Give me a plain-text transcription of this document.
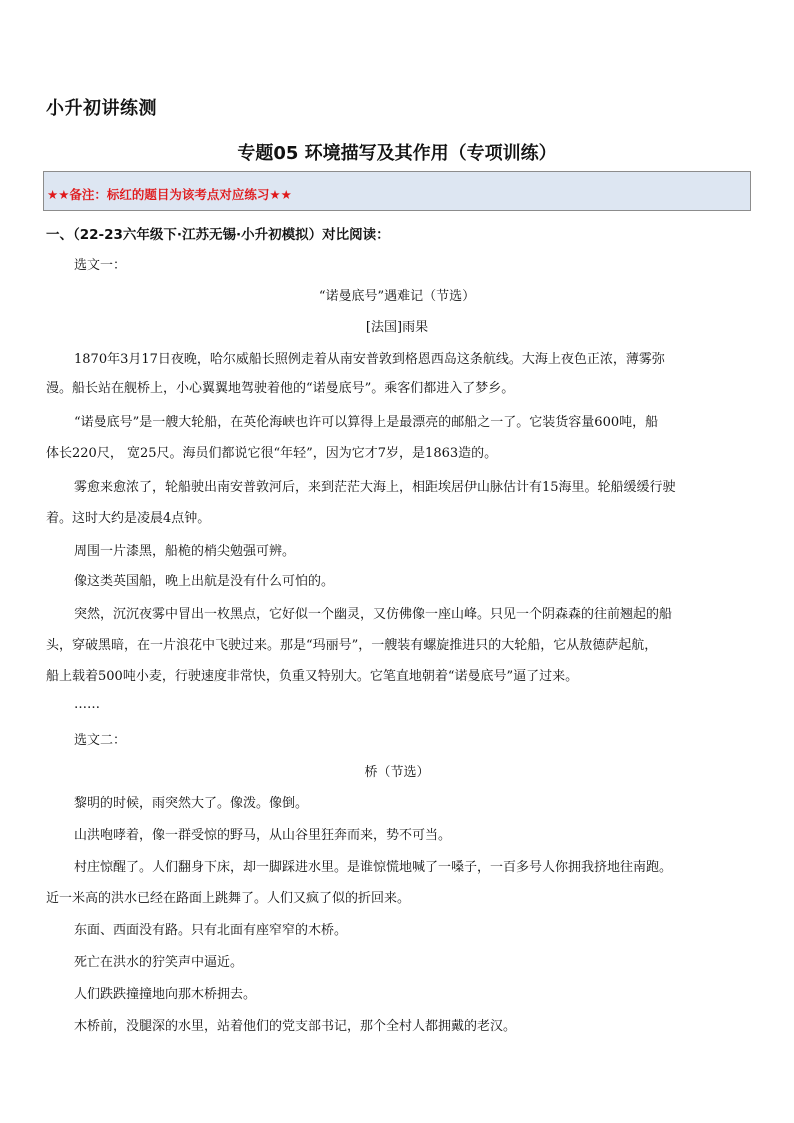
小升初讲练测
专题05 环境描写及其作用（专项训练）
★★备注：标红的题目为该考点对应练习★★
一、（22-23六年级下·江苏无锡·小升初模拟）对比阅读：
选文一：
“诺曼底号”遇难记（节选）
[法国]雨果
1870年3月17日夜晚，哈尔威船长照例走着从南安普敦到格恩西岛这条航线。大海上夜色正浓，薄雾弥
漫。船长站在舰桥上，小心翼翼地驾驶着他的“诺曼底号”。乘客们都进入了梦乡。
“诺曼底号”是一艘大轮船，在英伦海峡也许可以算得上是最漂亮的邮船之一了。它装货容量600吨，船
体长220尺， 宽25尺。海员们都说它很“年轻”，因为它才7岁，是1863造的。
雾愈来愈浓了，轮船驶出南安普敦河后，来到茫茫大海上，相距埃居伊山脉估计有15海里。轮船缓缓行驶
着。这时大约是凌晨4点钟。
周围一片漆黑，船桅的梢尖勉强可辨。
像这类英国船，晚上出航是没有什么可怕的。
突然，沉沉夜雾中冒出一枚黑点，它好似一个幽灵，又仿佛像一座山峰。只见一个阴森森的往前翘起的船
头，穿破黑暗，在一片浪花中飞驶过来。那是“玛丽号”，一艘装有螺旋推进只的大轮船，它从敖德萨起航，
船上载着500吨小麦，行驶速度非常快，负重又特别大。它笔直地朝着“诺曼底号”逼了过来。
……
选文二：
桥（节选）
黎明的时候，雨突然大了。像泼。像倒。
山洪咆哮着，像一群受惊的野马，从山谷里狂奔而来，势不可当。
村庄惊醒了。人们翻身下床，却一脚踩进水里。是谁惊慌地喊了一嗓子，一百多号人你拥我挤地往南跑。
近一米高的洪水已经在路面上跳舞了。人们又疯了似的折回来。
东面、西面没有路。只有北面有座窄窄的木桥。
死亡在洪水的狞笑声中逼近。
人们跌跌撞撞地向那木桥拥去。
木桥前，没腿深的水里，站着他们的党支部书记，那个全村人都拥戴的老汉。
